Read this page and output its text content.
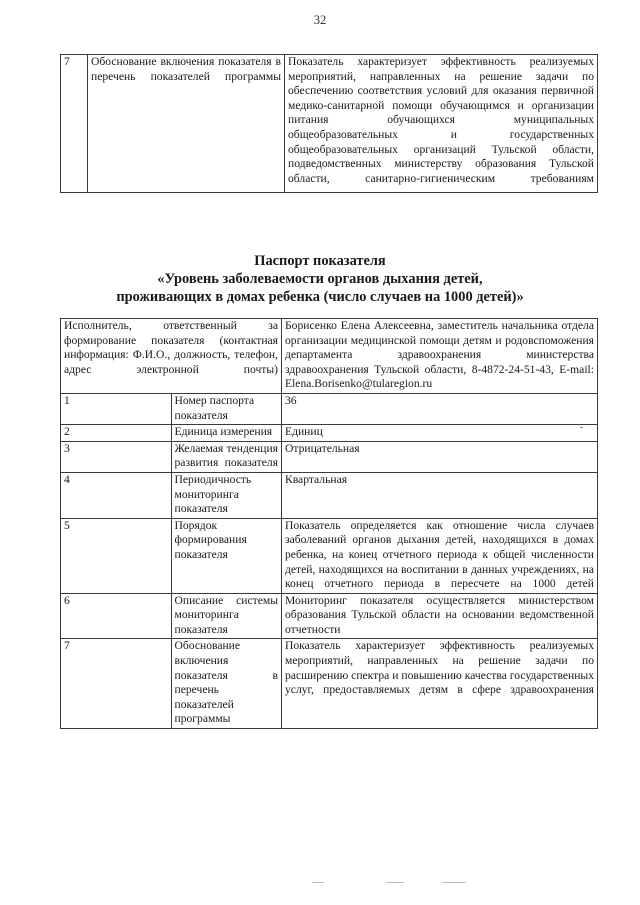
32
7	Обоснование включения показателя в перечень показателей программы	Показатель характеризует эффективность реализуемых мероприятий, направленных на решение задачи по обеспечению соответствия условий для оказания первичной медико-санитарной помощи обучающимся и организации питания обучающихся муниципальных общеобразовательных и государственных общеобразовательных организаций Тульской области, подведомственных министерству образования Тульской области, санитарно-гигиеническим требованиям
Паспорт показателя
«Уровень заболеваемости органов дыхания детей,
проживающих в домах ребенка (число случаев на 1000 детей)»
Исполнитель, ответственный за формирование показателя (контактная информация: Ф.И.О., должность, телефон, адрес электронной почты)		Борисенко Елена Алексеевна, заместитель начальника отдела организации медицинской помощи детям и родовспоможения департамента здравоохранения министерства здравоохранения Тульской области, 8-4872-24-51-43, E-mail: Elena.Borisenko@tularegion.ru
1	Номер паспорта показателя	36
2	Единица измерения	Единиц
3	Желаемая тенденция развития показателя	Отрицательная
4	Периодичность мониторинга показателя	Квартальная
5	Порядок формирования показателя	Показатель определяется как отношение числа случаев заболеваний органов дыхания детей, находящихся в домах ребенка, на конец отчетного периода к общей численности детей, находящихся на воспитании в данных учреждениях, на конец отчетного периода в пересчете на 1000 детей
6	Описание системы мониторинга показателя	Мониторинг показателя осуществляется министерством образования Тульской области на основании ведомственной отчетности
7	Обоснование включения показателя в перечень показателей программы	Показатель характеризует эффективность реализуемых мероприятий, направленных на решение задачи по расширению спектра и повышению качества государственных услуг, предоставляемых детям в сфере здравоохранения
